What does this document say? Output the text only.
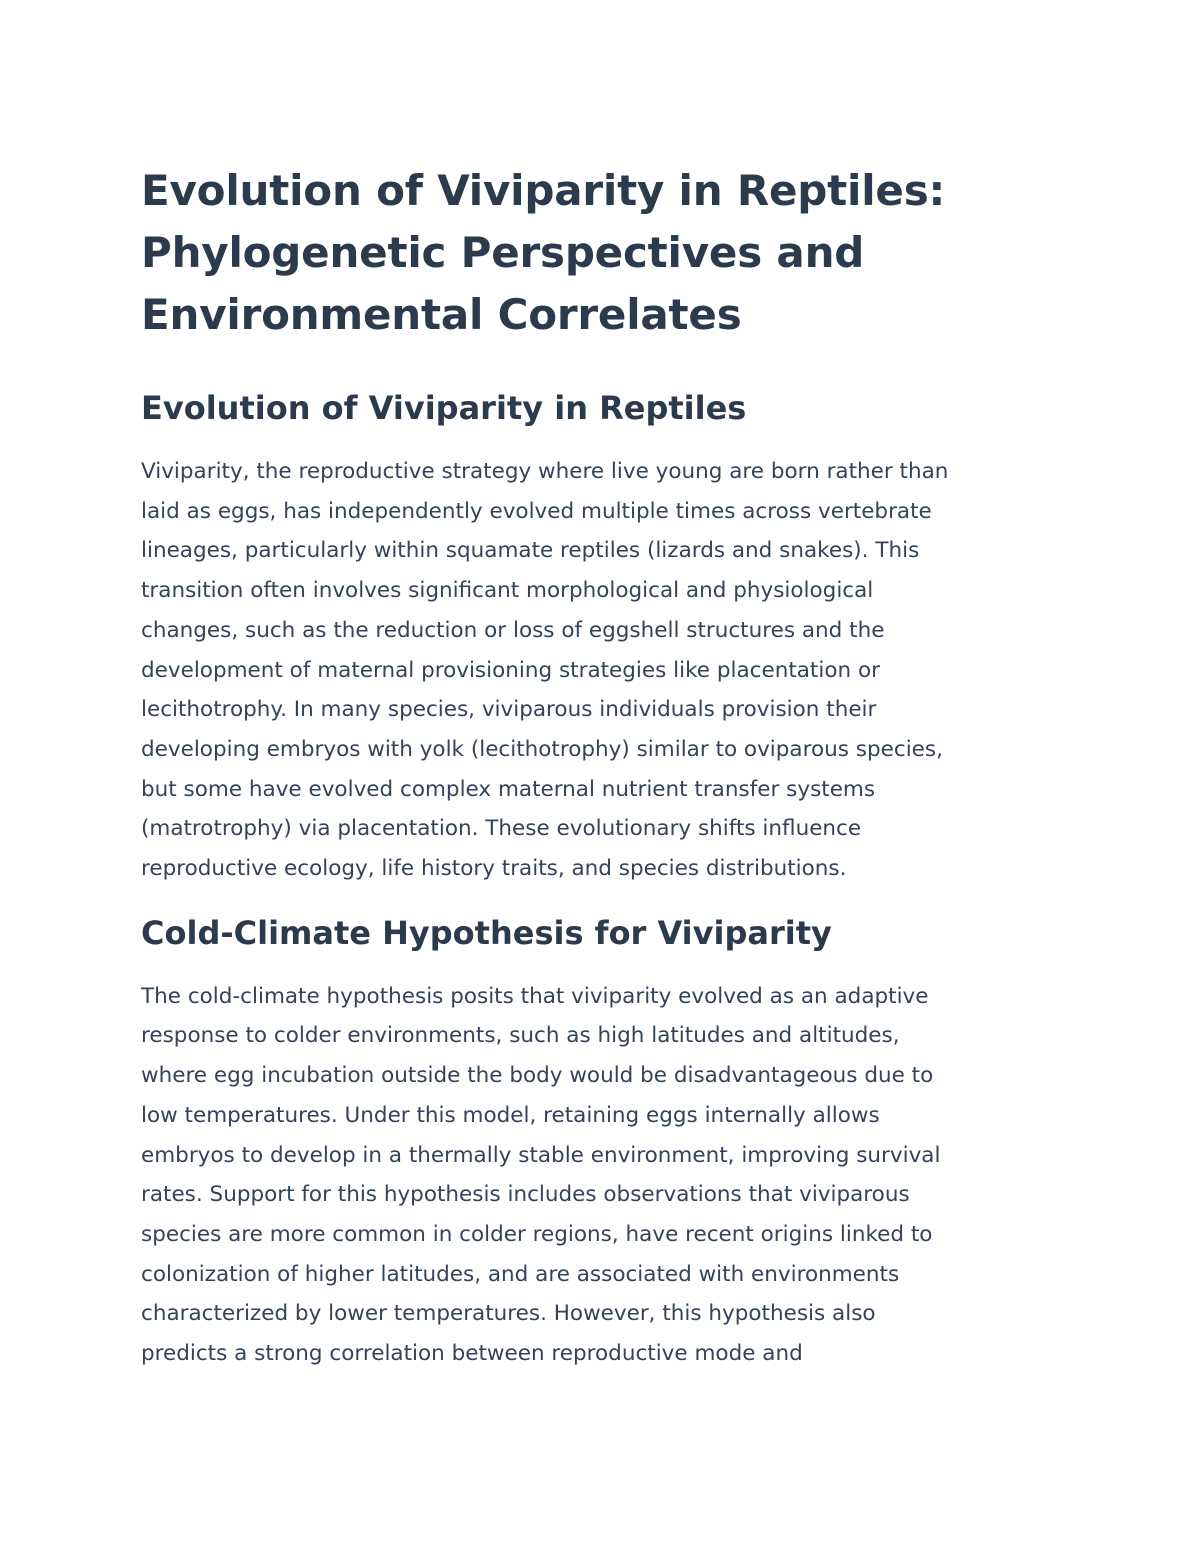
Evolution of Viviparity in Reptiles:
Phylogenetic Perspectives and
Environmental Correlates
Evolution of Viviparity in Reptiles

Viviparity, the reproductive strategy where live young are born rather than
laid as eggs, has independently evolved multiple times across vertebrate
lineages, particularly within squamate reptiles (lizards and snakes). This
transition often involves significant morphological and physiological
changes, such as the reduction or loss of eggshell structures and the
development of maternal provisioning strategies like placentation or
lecithotrophy. In many species, viviparous individuals provision their
developing embryos with yolk (lecithotrophy) similar to oviparous species,
but some have evolved complex maternal nutrient transfer systems
(matrotrophy) via placentation. These evolutionary shifts influence
reproductive ecology, life history traits, and species distributions.

Cold-Climate Hypothesis for Viviparity

The cold-climate hypothesis posits that viviparity evolved as an adaptive
response to colder environments, such as high latitudes and altitudes,
where egg incubation outside the body would be disadvantageous due to
low temperatures. Under this model, retaining eggs internally allows
embryos to develop in a thermally stable environment, improving survival
rates. Support for this hypothesis includes observations that viviparous
species are more common in colder regions, have recent origins linked to
colonization of higher latitudes, and are associated with environments
characterized by lower temperatures. However, this hypothesis also
predicts a strong correlation between reproductive mode and
